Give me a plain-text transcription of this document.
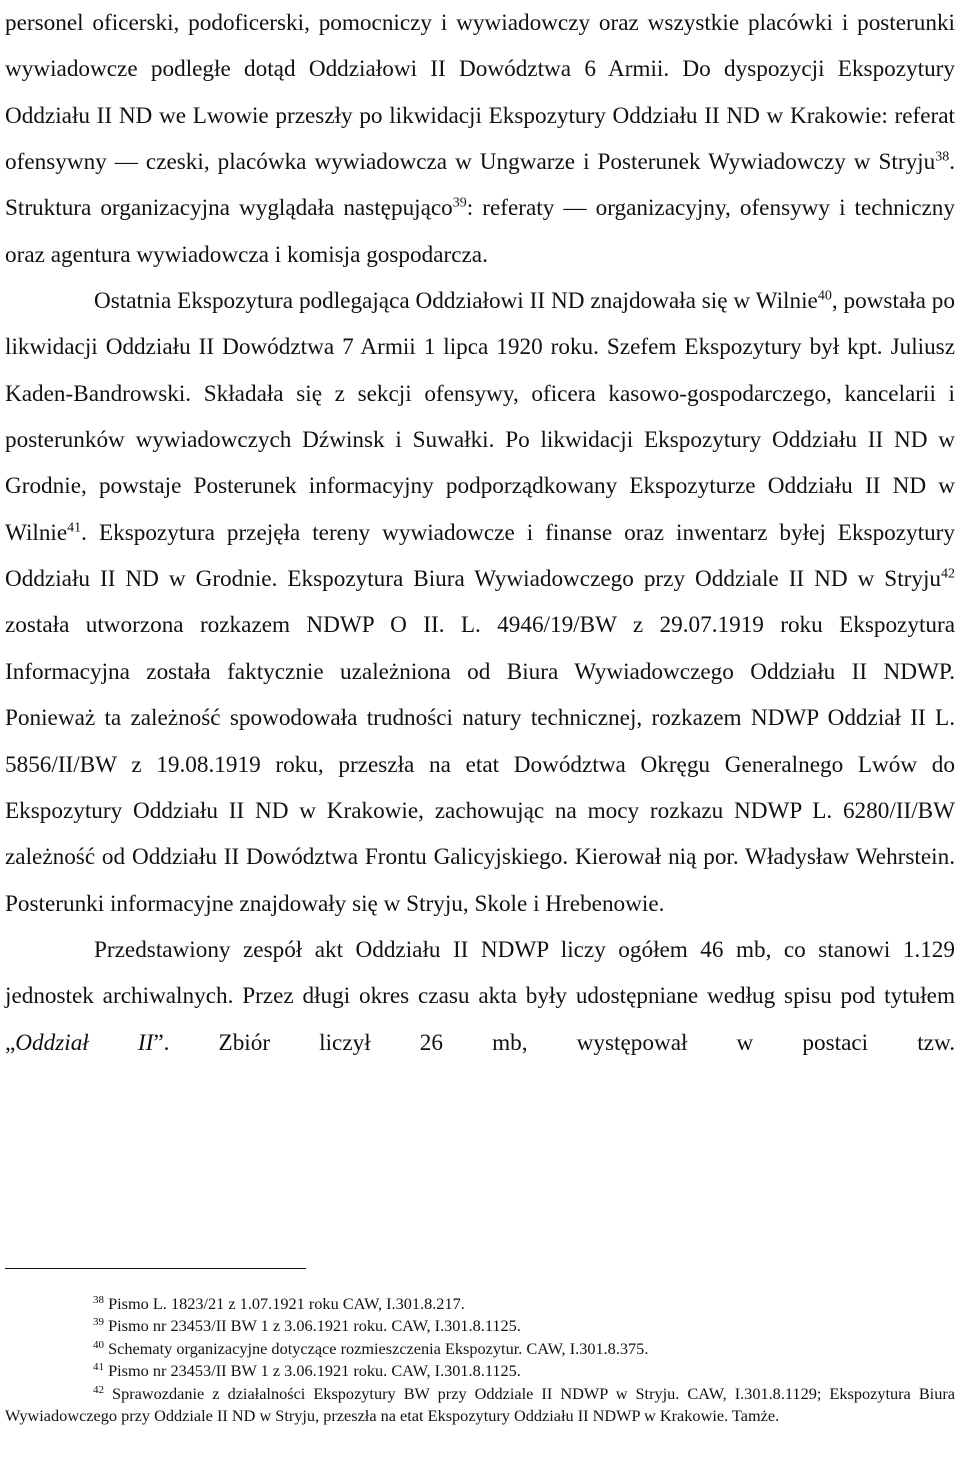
personel oficerski, podoficerski, pomocniczy i wywiadowczy oraz wszystkie placówki i posterunki wywiadowcze podległe dotąd Oddziałowi II Dowództwa 6 Armii. Do dyspozycji Ekspozytury Oddziału II ND we Lwowie przeszły po likwidacji Ekspozytury Oddziału II ND w Krakowie: referat ofensywny — czeski, placówka wywiadowcza w Ungwarze i Posterunek Wywiadowczy w Stryju$^{38}$. Struktura organizacyjna wyglądała następująco$^{39}$: referaty — organizacyjny, ofensywy i techniczny oraz agentura wywiadowcza i komisja gospodarcza.

Ostatnia Ekspozytura podlegająca Oddziałowi II ND znajdowała się w Wilnie$^{40}$, powstała po likwidacji Oddziału II Dowództwa 7 Armii 1 lipca 1920 roku. Szefem Ekspozytury był kpt. Juliusz Kaden-Bandrowski. Składała się z sekcji ofensywy, oficera kasowo-gospodarczego, kancelarii i posterunków wywiadowczych Dźwinsk i Suwałki. Po likwidacji Ekspozytury Oddziału II ND w Grodnie, powstaje Posterunek informacyjny podporządkowany Ekspozyturze Oddziału II ND w Wilnie$^{41}$. Ekspozytura przejęła tereny wywiadowcze i finanse oraz inwentarz byłej Ekspozytury Oddziału II ND w Grodnie. Ekspozytura Biura Wywiadowczego przy Oddziale II ND w Stryju$^{42}$ została utworzona rozkazem NDWP O II. L. 4946/19/BW z 29.07.1919 roku Ekspozytura Informacyjna została faktycznie uzależniona od Biura Wywiadowczego Oddziału II NDWP. Ponieważ ta zależność spowodowała trudności natury technicznej, rozkazem NDWP Oddział II L. 5856/II/BW z 19.08.1919 roku, przeszła na etat Dowództwa Okręgu Generalnego Lwów do Ekspozytury Oddziału II ND w Krakowie, zachowując na mocy rozkazu NDWP L. 6280/II/BW zależność od Oddziału II Dowództwa Frontu Galicyjskiego. Kierował nią por. Władysław Wehrstein. Posterunki informacyjne znajdowały się w Stryju, Skole i Hrebenowie.

Przedstawiony zespół akt Oddziału II NDWP liczy ogółem 46 mb, co stanowi 1.129 jednostek archiwalnych. Przez długi okres czasu akta były udostępniane według spisu pod tytułem „Oddział II”. Zbiór liczył 26 mb, występował w postaci tzw.

$^{38}$ Pismo L. 1823/21 z 1.07.1921 roku CAW, I.301.8.217.

$^{39}$ Pismo nr 23453/II BW 1 z 3.06.1921 roku. CAW, I.301.8.1125.

$^{40}$ Schematy organizacyjne dotyczące rozmieszczenia Ekspozytur. CAW, I.301.8.375.

$^{41}$ Pismo nr 23453/II BW 1 z 3.06.1921 roku. CAW, I.301.8.1125.

$^{42}$ Sprawozdanie z działalności Ekspozytury BW przy Oddziale II NDWP w Stryju. CAW, I.301.8.1129; Ekspozytura Biura Wywiadowczego przy Oddziale II ND w Stryju, przeszła na etat Ekspozytury Oddziału II NDWP w Krakowie. Tamże.
